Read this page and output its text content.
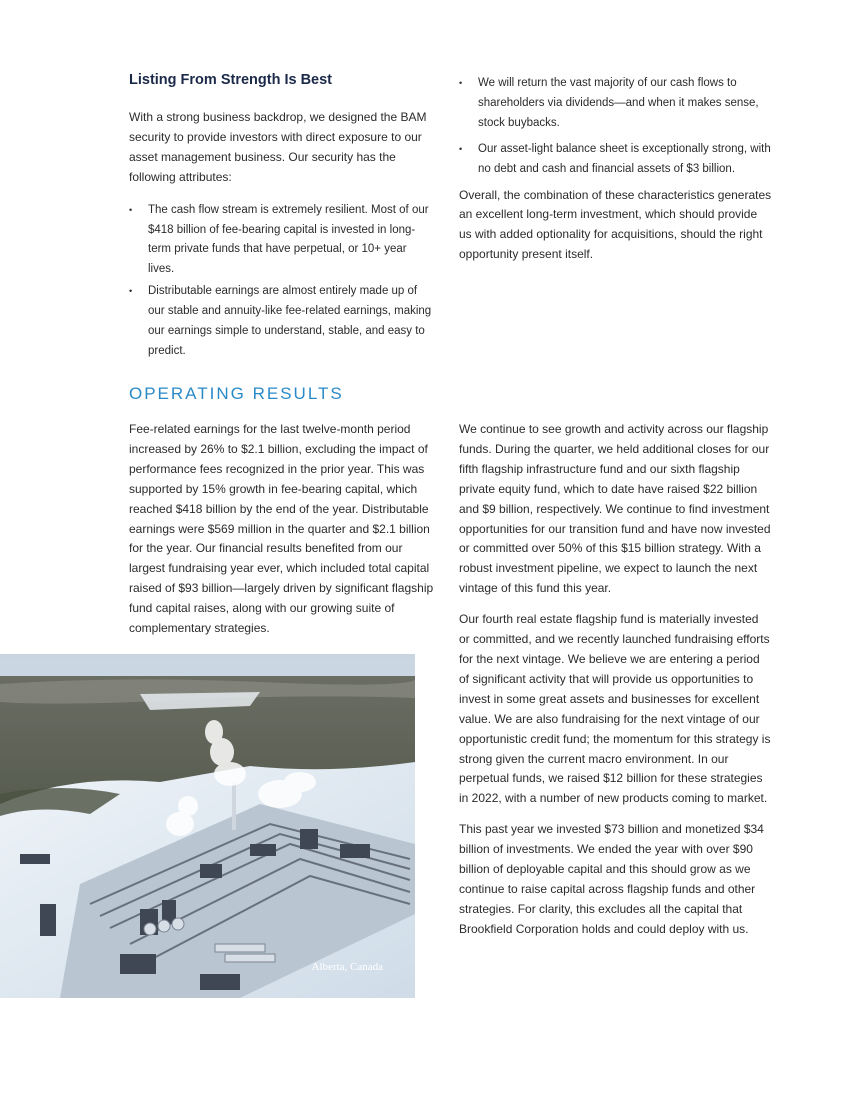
Listing From Strength Is Best

With a strong business backdrop, we designed the BAM security to provide investors with direct exposure to our asset management business. Our security has the following attributes:

• The cash flow stream is extremely resilient. Most of our $418 billion of fee-bearing capital is invested in long-term private funds that have perpetual, or 10+ year lives.
• Distributable earnings are almost entirely made up of our stable and annuity-like fee-related earnings, making our earnings simple to understand, stable, and easy to predict.
• We will return the vast majority of our cash flows to shareholders via dividends—and when it makes sense, stock buybacks.
• Our asset-light balance sheet is exceptionally strong, with no debt and cash and financial assets of $3 billion.

Overall, the combination of these characteristics generates an excellent long-term investment, which should provide us with added optionality for acquisitions, should the right opportunity present itself.

OPERATING RESULTS

Fee-related earnings for the last twelve-month period increased by 26% to $2.1 billion, excluding the impact of performance fees recognized in the prior year. This was supported by 15% growth in fee-bearing capital, which reached $418 billion by the end of the year. Distributable earnings were $569 million in the quarter and $2.1 billion for the year. Our financial results benefited from our largest fundraising year ever, which included total capital raised of $93 billion—largely driven by significant flagship fund capital raises, along with our growing suite of complementary strategies.

We continue to see growth and activity across our flagship funds. During the quarter, we held additional closes for our fifth flagship infrastructure fund and our sixth flagship private equity fund, which to date have raised $22 billion and $9 billion, respectively. We continue to find investment opportunities for our transition fund and have now invested or committed over 50% of this $15 billion strategy. With a robust investment pipeline, we expect to launch the next vintage of this fund this year.

Our fourth real estate flagship fund is materially invested or committed, and we recently launched fundraising efforts for the next vintage. We believe we are entering a period of significant activity that will provide us opportunities to invest in some great assets and businesses for excellent value. We are also fundraising for the next vintage of our opportunistic credit fund; the momentum for this strategy is strong given the current macro environment. In our perpetual funds, we raised $12 billion for these strategies in 2022, with a number of new products coming to market.

This past year we invested $73 billion and monetized $34 billion of investments. We ended the year with over $90 billion of deployable capital and this should grow as we continue to raise capital across flagship funds and other strategies. For clarity, this excludes all the capital that Brookfield Corporation holds and could deploy with us.

Alberta, Canada
